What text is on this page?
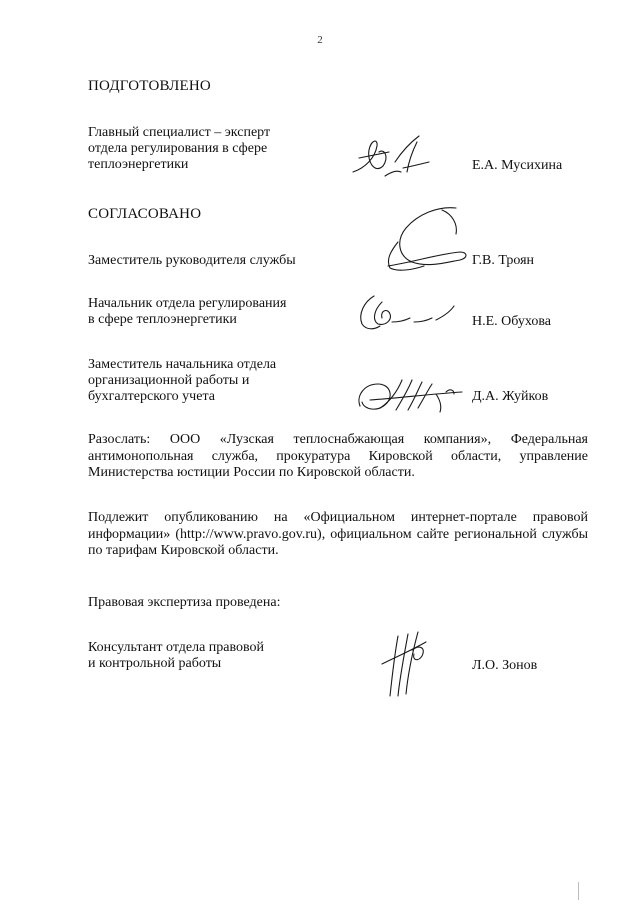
2
ПОДГОТОВЛЕНО
Главный специалист – эксперт
отдела регулирования в сфере
теплоэнергетики	Е.А. Мусихина
СОГЛАСОВАНО
Заместитель руководителя службы	Г.В. Троян
Начальник отдела регулирования
в сфере теплоэнергетики	Н.Е. Обухова
Заместитель начальника отдела
организационной работы и
бухгалтерского учета	Д.А. Жуйков
Разослать: ООО «Лузская теплоснабжающая компания», Федеральная антимонопольная служба, прокуратура Кировской области, управление Министерства юстиции России по Кировской области.
Подлежит опубликованию на «Официальном интернет-портале правовой информации» (http://www.pravo.gov.ru), официальном сайте региональной службы по тарифам Кировской области.
Правовая экспертиза проведена:
Консультант отдела правовой
и контрольной работы	Л.О. Зонов
